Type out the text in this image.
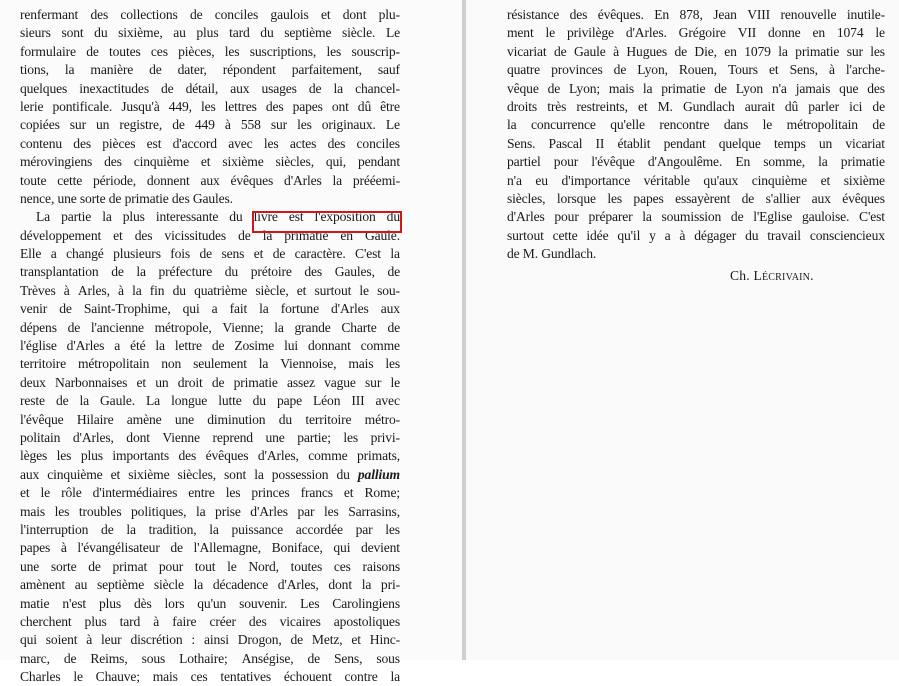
renfermant des collections de conciles gaulois et dont plu-
sieurs sont du sixième, au plus tard du septième siècle. Le
formulaire de toutes ces pièces, les suscriptions, les souscrip-
tions, la manière de dater, répondent parfaitement, sauf
quelques inexactitudes de détail, aux usages de la chancel-
lerie pontificale. Jusqu'à 449, les lettres des papes ont dû être
copiées sur un registre, de 449 à 558 sur les originaux. Le
contenu des pièces est d'accord avec les actes des conciles
mérovingiens des cinquième et sixième siècles, qui, pendant
toute cette période, donnent aux évêques d'Arles la prééemi-
nence, une sorte de primatie des Gaules.
La partie la plus interessante du livre est l'exposition du
développement et des vicissitudes de la primatie en Gaule.
Elle a changé plusieurs fois de sens et de caractère. C'est la
transplantation de la préfecture du prétoire des Gaules, de
Trèves à Arles, à la fin du quatrième siècle, et surtout le sou-
venir de Saint-Trophime, qui a fait la fortune d'Arles aux
dépens de l'ancienne métropole, Vienne; la grande Charte de
l'église d'Arles a été la lettre de Zosime lui donnant comme
territoire métropolitain non seulement la Viennoise, mais les
deux Narbonnaises et un droit de primatie assez vague sur le
reste de la Gaule. La longue lutte du pape Léon III avec
l'évêque Hilaire amène une diminution du territoire métro-
politain d'Arles, dont Vienne reprend une partie; les privi-
lèges les plus importants des évêques d'Arles, comme primats,
aux cinquième et sixième siècles, sont la possession du pallium
et le rôle d'intermédiaires entre les princes francs et Rome;
mais les troubles politiques, la prise d'Arles par les Sarrasins,
l'interruption de la tradition, la puissance accordée par les
papes à l'évangélisateur de l'Allemagne, Boniface, qui devient
une sorte de primat pour tout le Nord, toutes ces raisons
amènent au septième siècle la décadence d'Arles, dont la pri-
matie n'est plus dès lors qu'un souvenir. Les Carolingiens
cherchent plus tard à faire créer des vicaires apostoliques
qui soient à leur discrétion : ainsi Drogon, de Metz, et Hinc-
marc, de Reims, sous Lothaire; Anségise, de Sens, sous
Charles le Chauve; mais ces tentatives échouent contre la
résistance des évêques. En 878, Jean VIII renouvelle inutile-
ment le privilège d'Arles. Grégoire VII donne en 1074 le
vicariat de Gaule à Hugues de Die, en 1079 la primatie sur les
quatre provinces de Lyon, Rouen, Tours et Sens, à l'arche-
vêque de Lyon; mais la primatie de Lyon n'a jamais que des
droits très restreints, et M. Gundlach aurait dû parler ici de
la concurrence qu'elle rencontre dans le métropolitain de
Sens. Pascal II établit pendant quelque temps un vicariat
partiel pour l'évêque d'Angoulême. En somme, la primatie
n'a eu d'importance véritable qu'aux cinquième et sixième
siècles, lorsque les papes essayèrent de s'allier aux évêques
d'Arles pour préparer la soumission de l'Eglise gauloise. C'est
surtout cette idée qu'il y a à dégager du travail consciencieux
de M. Gundlach.
Ch. Lécrivain.
